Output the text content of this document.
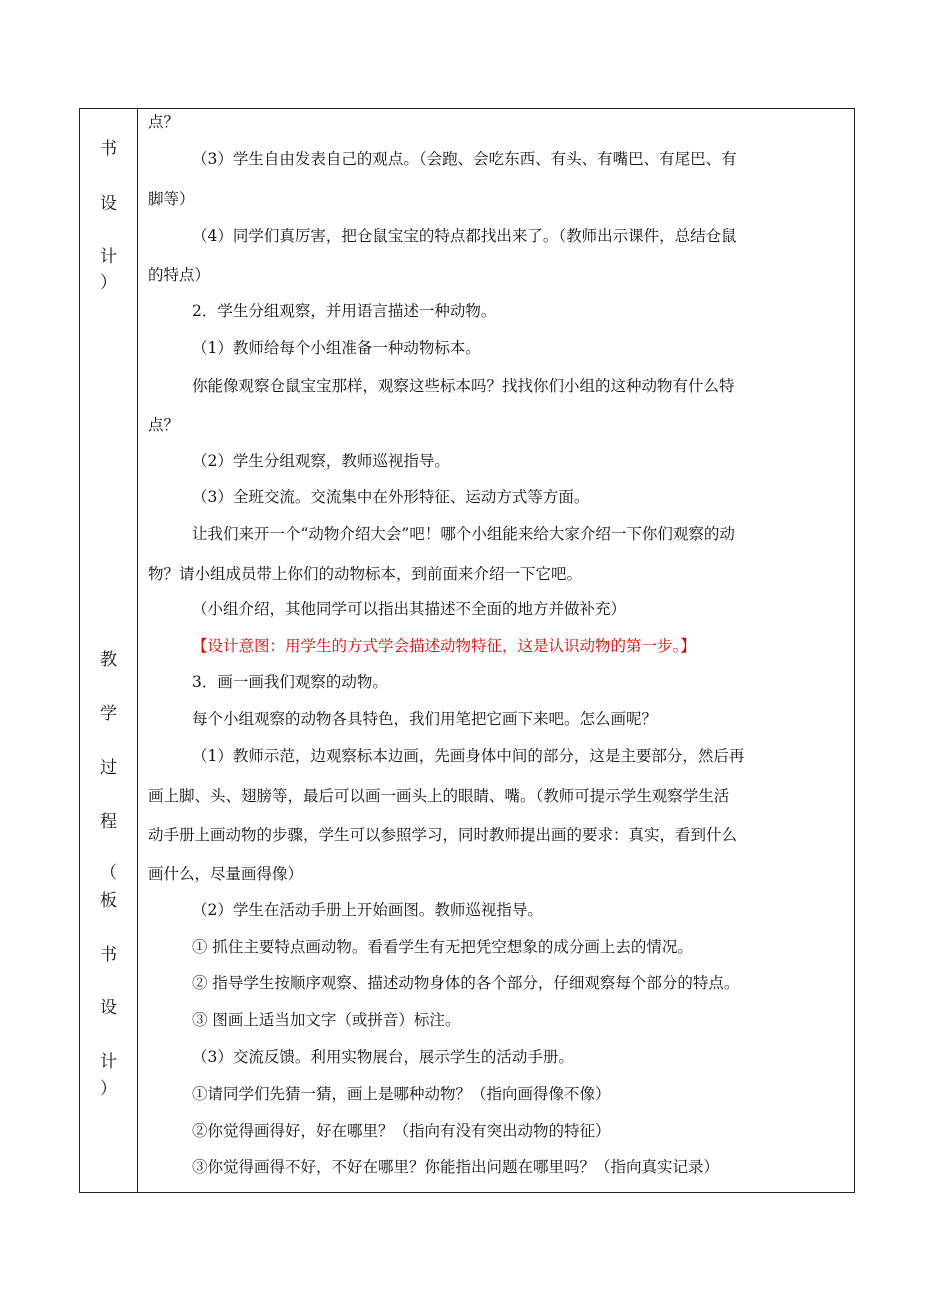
书
设
计
）
教
学
过
程
（
板
书
设
计
）
点？
（3）学生自由发表自己的观点。（会跑、会吃东西、有头、有嘴巴、有尾巴、有
脚等）
（4）同学们真厉害，把仓鼠宝宝的特点都找出来了。（教师出示课件，总结仓鼠
的特点）
2．学生分组观察，并用语言描述一种动物。
（1）教师给每个小组准备一种动物标本。
你能像观察仓鼠宝宝那样，观察这些标本吗？找找你们小组的这种动物有什么特
点？
（2）学生分组观察，教师巡视指导。
（3）全班交流。交流集中在外形特征、运动方式等方面。
让我们来开一个“动物介绍大会”吧！哪个小组能来给大家介绍一下你们观察的动
物？请小组成员带上你们的动物标本，到前面来介绍一下它吧。
（小组介绍，其他同学可以指出其描述不全面的地方并做补充）
【设计意图：用学生的方式学会描述动物特征，这是认识动物的第一步。】
3．画一画我们观察的动物。
每个小组观察的动物各具特色，我们用笔把它画下来吧。怎么画呢？
（1）教师示范，边观察标本边画，先画身体中间的部分，这是主要部分，然后再
画上脚、头、翅膀等，最后可以画一画头上的眼睛、嘴。（教师可提示学生观察学生活
动手册上画动物的步骤，学生可以参照学习，同时教师提出画的要求：真实，看到什么
画什么，尽量画得像）
（2）学生在活动手册上开始画图。教师巡视指导。
① 抓住主要特点画动物。看看学生有无把凭空想象的成分画上去的情况。
② 指导学生按顺序观察、描述动物身体的各个部分，仔细观察每个部分的特点。
③ 图画上适当加文字（或拼音）标注。
（3）交流反馈。利用实物展台，展示学生的活动手册。
①请同学们先猜一猜，画上是哪种动物？（指向画得像不像）
②你觉得画得好，好在哪里？（指向有没有突出动物的特征）
③你觉得画得不好，不好在哪里？你能指出问题在哪里吗？（指向真实记录）
